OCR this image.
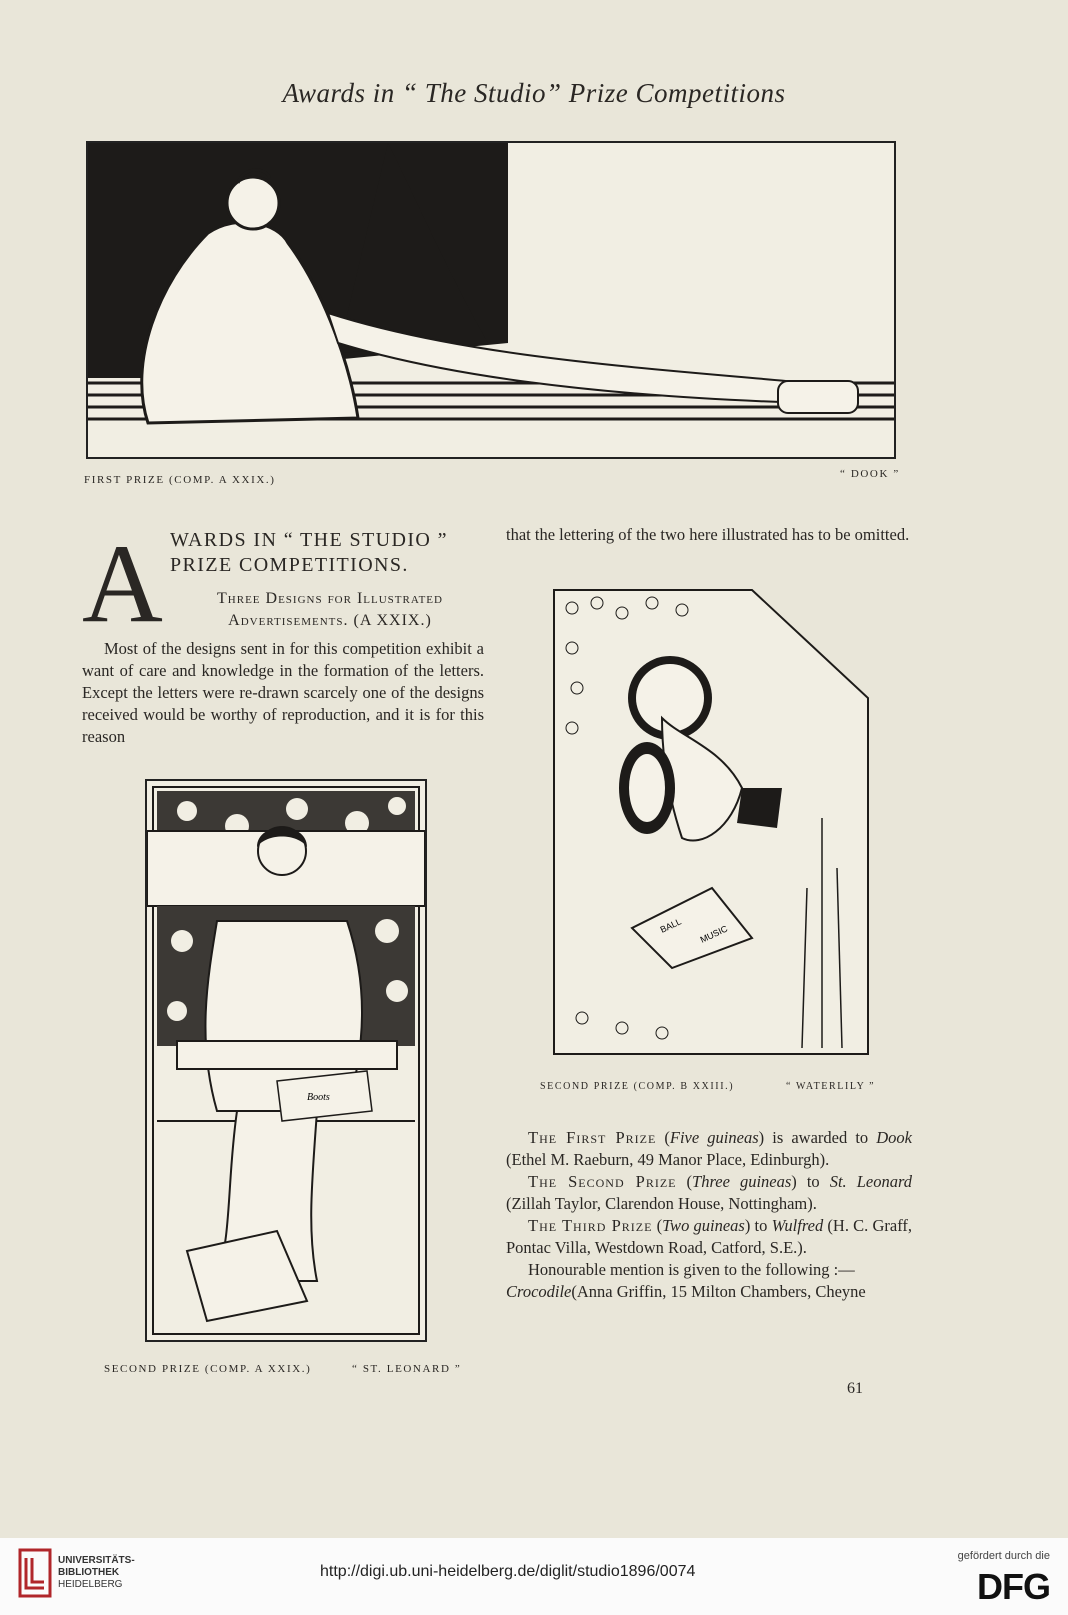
Awards in “ The Studio” Prize Competitions
FIRST PRIZE (COMP. A XXIX.)	“ DOOK ”
A WARDS IN “ THE STUDIO ” PRIZE COMPETITIONS.
Three Designs for Illustrated Advertisements. (A XXIX.)

Most of the designs sent in for this competition exhibit a want of care and knowledge in the formation of the letters. Except the letters were re-drawn scarcely one of the designs received would be worthy of reproduction, and it is for this reason

Boots
SECOND PRIZE (COMP. A XXIX.)	“ ST. LEONARD ”
that the lettering of the two here illustrated has to be omitted.
BALL MUSIC
SECOND PRIZE (COMP. B XXIII.)	“ WATERLILY ”

The First Prize (Five guineas) is awarded to Dook (Ethel M. Raeburn, 49 Manor Place, Edinburgh).

The Second Prize (Three guineas) to St. Leonard (Zillah Taylor, Clarendon House, Nottingham).

The Third Prize (Two guineas) to Wulfred (H. C. Graff, Pontac Villa, Westdown Road, Catford, S.E.).

Honourable mention is given to the following :—

Crocodile(Anna Griffin, 15 Milton Chambers, Cheyne
61
UNIVERSITÄTS-
BIBLIOTHEK
HEIDELBERG
http://digi.ub.uni-heidelberg.de/diglit/studio1896/0074
gefördert durch die
DFG
